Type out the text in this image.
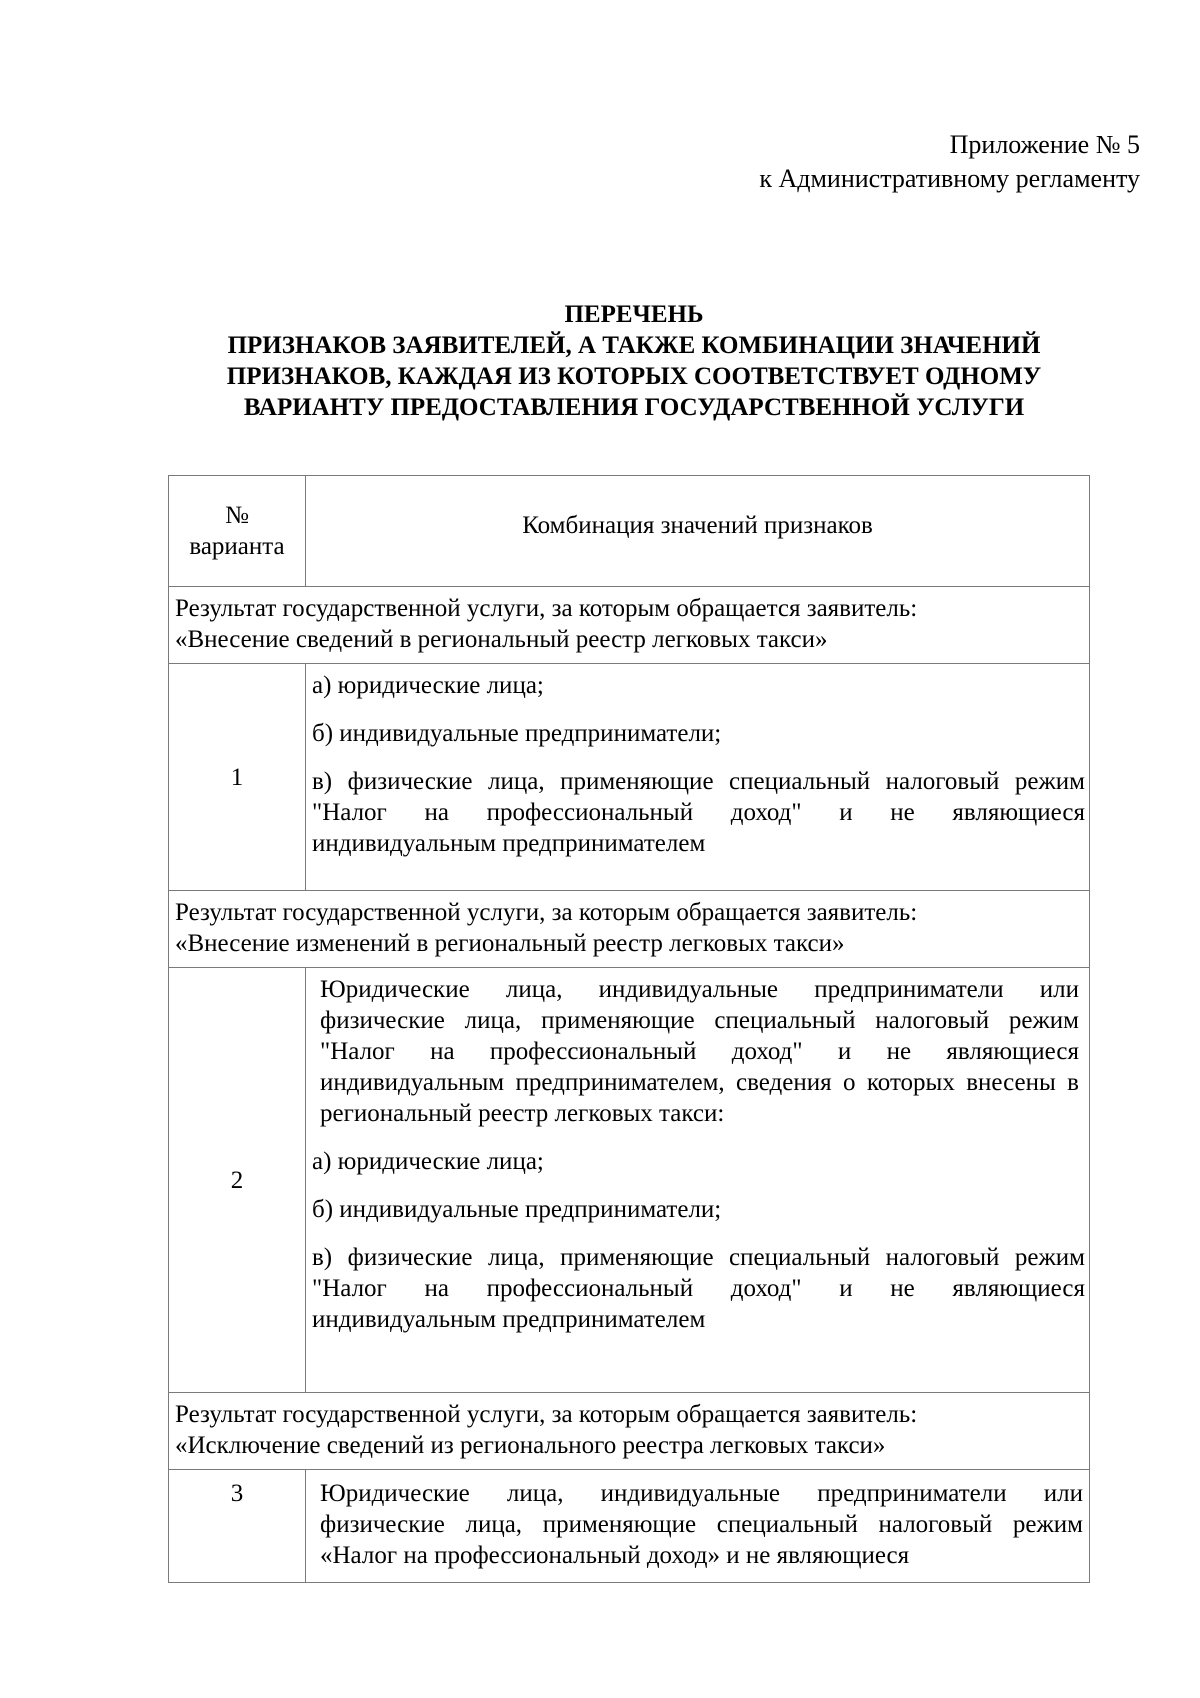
Приложение № 5
к Административному регламенту
ПЕРЕЧЕНЬ
ПРИЗНАКОВ ЗАЯВИТЕЛЕЙ, А ТАКЖЕ КОМБИНАЦИИ ЗНАЧЕНИЙ
ПРИЗНАКОВ, КАЖДАЯ ИЗ КОТОРЫХ СООТВЕТСТВУЕТ ОДНОМУ
ВАРИАНТУ ПРЕДОСТАВЛЕНИЯ ГОСУДАРСТВЕННОЙ УСЛУГИ
№
варианта	Комбинация значений признаков
Результат государственной услуги, за которым обращается заявитель:
«Внесение сведений в региональный реестр легковых такси»	

1	а) юридические лица;

б) индивидуальные предприниматели;

в) физические лица, применяющие специальный налоговый режим "Налог на профессиональный доход" и не являющиеся индивидуальным предпринимателем

Результат государственной услуги, за которым обращается заявитель:
«Внесение изменений в региональный реестр легковых такси»	

2	Юридические лица, индивидуальные предприниматели или физические лица, применяющие специальный налоговый режим "Налог на профессиональный доход" и не являющиеся индивидуальным предпринимателем, сведения о которых внесены в региональный реестр легковых такси:

а) юридические лица;

б) индивидуальные предприниматели;

в) физические лица, применяющие специальный налоговый режим "Налог на профессиональный доход" и не являющиеся индивидуальным предпринимателем

Результат государственной услуги, за которым обращается заявитель:
«Исключение сведений из регионального реестра легковых такси»	

3	Юридические лица, индивидуальные предприниматели или физические лица, применяющие специальный налоговый режим «Налог на профессиональный доход» и не являющиеся
